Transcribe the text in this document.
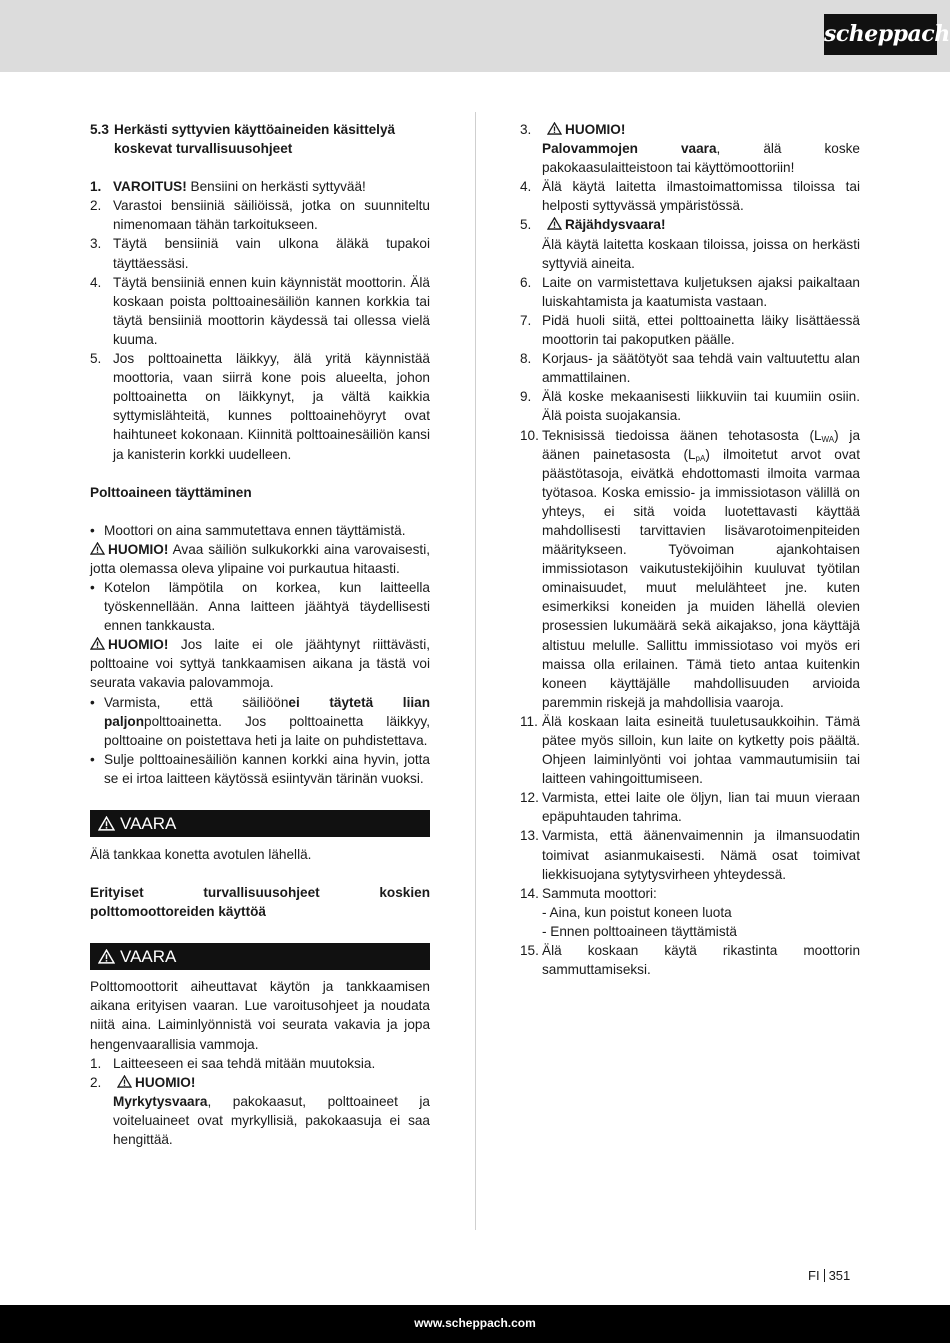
scheppach
5.3 Herkästi syttyvien käyttöaineiden käsittelyä koskevat turvallisuusohjeet
1. VAROITUS! Bensiini on herkästi syttyvää!
2. Varastoi bensiiniä säiliöissä, jotka on suunniteltu nimenomaan tähän tarkoitukseen.
3. Täytä bensiiniä vain ulkona äläkä tupakoi täyttäessäsi.
4. Täytä bensiiniä ennen kuin käynnistät moottorin. Älä koskaan poista polttoainesäiliön kannen korkkia tai täytä bensiiniä moottorin käydessä tai ollessa vielä kuuma.
5. Jos polttoainetta läikkyy, älä yritä käynnistää moottoria, vaan siirrä kone pois alueelta, johon polttoainetta on läikkynyt, ja vältä kaikkia syttymislähteitä, kunnes polttoainehöyryt ovat haihtuneet kokonaan. Kiinnitä polttoainesäiliön kansi ja kanisterin korkki uudelleen.
Polttoaineen täyttäminen
• Moottori on aina sammutettava ennen täyttämistä.
HUOMIO! Avaa säiliön sulkukorkki aina varovaisesti, jotta olemassa oleva ylipaine voi purkautua hitaasti.
• Kotelon lämpötila on korkea, kun laitteella työskennellään. Anna laitteen jäähtyä täydellisesti ennen tankkausta.
HUOMIO! Jos laite ei ole jäähtynyt riittävästi, polttoaine voi syttyä tankkaamisen aikana ja tästä voi seurata vakavia palovammoja.
• Varmista, että säiliöönei täytetä liian paljonpolttoainetta. Jos polttoainetta läikkyy, polttoaine on poistettava heti ja laite on puhdistettava.
• Sulje polttoainesäiliön kannen korkki aina hyvin, jotta se ei irtoa laitteen käytössä esiintyvän tärinän vuoksi.
VAARA
Älä tankkaa konetta avotulen lähellä.
Erityiset turvallisuusohjeet koskien polttomoottoreiden käyttöä
VAARA
Polttomoottorit aiheuttavat käytön ja tankkaamisen aikana erityisen vaaran. Lue varoitusohjeet ja noudata niitä aina. Laiminlyönnistä voi seurata vakavia ja jopa hengenvaarallisia vammoja.
1. Laitteeseen ei saa tehdä mitään muutoksia.
2.	HUOMIO!
Myrkytysvaara, pakokaasut, polttoaineet ja voiteluaineet ovat myrkyllisiä, pakokaasuja ei saa hengittää.
3.	HUOMIO!
Palovammojen vaara, älä koske pakokaasulaitteistoon tai käyttömoottoriin!
4. Älä käytä laitetta ilmastoimattomissa tiloissa tai helposti syttyvässä ympäristössä.
5.	Räjähdysvaara!
Älä käytä laitetta koskaan tiloissa, joissa on herkästi syttyviä aineita.
6. Laite on varmistettava kuljetuksen ajaksi paikaltaan luiskahtamista ja kaatumista vastaan.
7. Pidä huoli siitä, ettei polttoainetta läiky lisättäessä moottorin tai pakoputken päälle.
8. Korjaus- ja säätötyöt saa tehdä vain valtuutettu alan ammattilainen.
9. Älä koske mekaanisesti liikkuviin tai kuumiin osiin. Älä poista suojakansia.
10. Teknisissä tiedoissa äänen tehotasosta $(L_{WA})$ ja äänen painetasosta $(L_{pA})$ ilmoitetut arvot ovat päästötasoja, eivätkä ehdottomasti ilmoita varmaa työtasoa. Koska emissio- ja immissiotason välillä on yhteys, ei sitä voida luotettavasti käyttää mahdollisesti tarvittavien lisävarotoimenpiteiden määritykseen. Työvoiman ajankohtaisen immissiotason vaikutustekijöihin kuuluvat työtilan ominaisuudet, muut melulähteet jne. kuten esimerkiksi koneiden ja muiden lähellä olevien prosessien lukumäärä sekä aikajakso, jona käyttäjä altistuu melulle. Sallittu immissiotaso voi myös eri maissa olla erilainen. Tämä tieto antaa kuitenkin koneen käyttäjälle mahdollisuuden arvioida paremmin riskejä ja mahdollisia vaaroja.
11. Älä koskaan laita esineitä tuuletusaukkoihin. Tämä pätee myös silloin, kun laite on kytketty pois päältä. Ohjeen laiminlyönti voi johtaa vammautumisiin tai laitteen vahingoittumiseen.
12. Varmista, ettei laite ole öljyn, lian tai muun vieraan epäpuhtauden tahrima.
13. Varmista, että äänenvaimennin ja ilmansuodatin toimivat asianmukaisesti. Nämä osat toimivat liekkisuojana sytytysvirheen yhteydessä.
14. Sammuta moottori:
- Aina, kun poistut koneen luota
- Ennen polttoaineen täyttämistä
15. Älä koskaan käytä rikastinta moottorin sammuttamiseksi.
FI 351
www.scheppach.com
